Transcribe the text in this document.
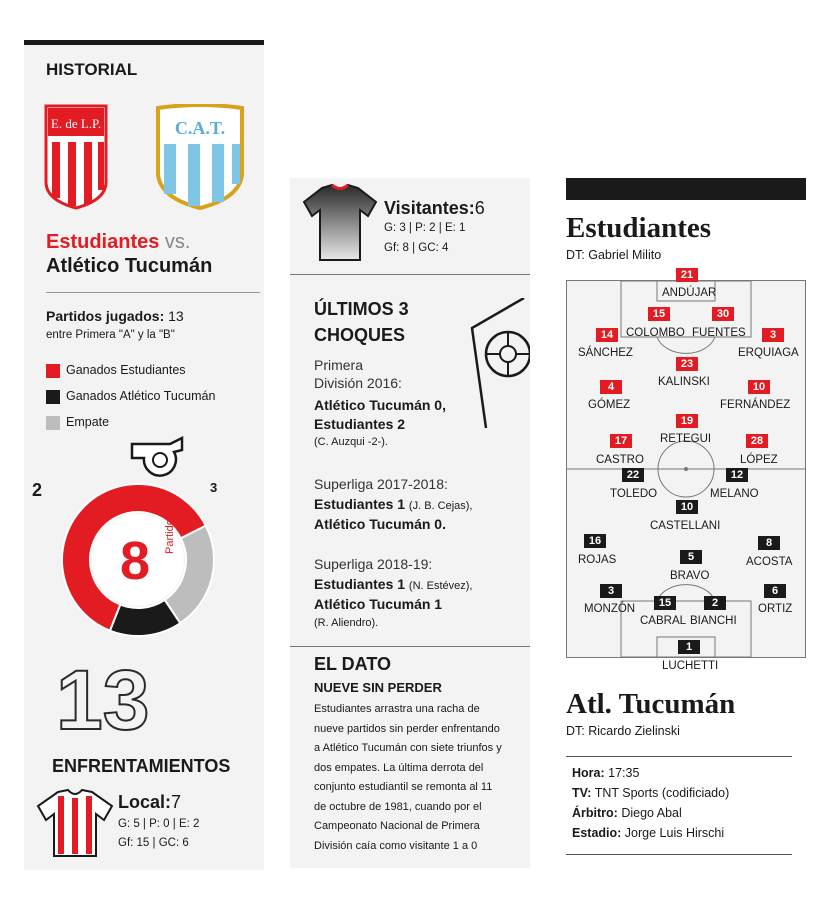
HISTORIAL
E. de L.P.	C.A.T.
Estudiantes vs.
Atlético Tucumán
Partidos jugados: 13
entre Primera "A" y la "B"
Ganados Estudiantes
Ganados Atlético Tucumán
Empate
2	3
8 Partidos
13
ENFRENTAMIENTOS
Local:7
G: 5 | P: 0 | E: 2
Gf: 15 | GC: 6
Visitantes:6
G: 3 | P: 2 | E: 1
Gf: 8 | GC: 4
ÚLTIMOS 3
CHOQUES
Primera
División 2016:
Atlético Tucumán 0,
Estudiantes 2
(C. Auzqui -2-).
Superliga 2017-2018:
Estudiantes 1 (J. B. Cejas),
Atlético Tucumán 0.
Superliga 2018-19:
Estudiantes 1 (N. Estévez),
Atlético Tucumán 1
(R. Aliendro).
EL DATO
NUEVE SIN PERDER
Estudiantes arrastra una racha de
nueve partidos sin perder enfrentando
a Atlético Tucumán con siete triunfos y
dos empates. La última derrota del
conjunto estudiantil se remonta al 11
de octubre de 1981, cuando por el
Campeonato Nacional de Primera
División caía como visitante 1 a 0
Estudiantes
DT: Gabriel Milito
21
ANDÚJAR
15
COLOMBO
30
FUENTES
14
SÁNCHEZ
3
ERQUIAGA
23
KALINSKI
4
GÓMEZ
10
FERNÁNDEZ
19
RETEGUI
17
CASTRO
28
LÓPEZ
22
TOLEDO
12
MELANO
10
CASTELLANI
16
ROJAS
8
ACOSTA
5
BRAVO
3
MONZÓN	15
CABRAL
2
BIANCHI
6
ORTIZ
1
LUCHETTI
Atl. Tucumán
DT: Ricardo Zielinski
Hora: 17:35
TV: TNT Sports (codificiado)
Árbitro: Diego Abal
Estadio: Jorge Luis Hirschi
